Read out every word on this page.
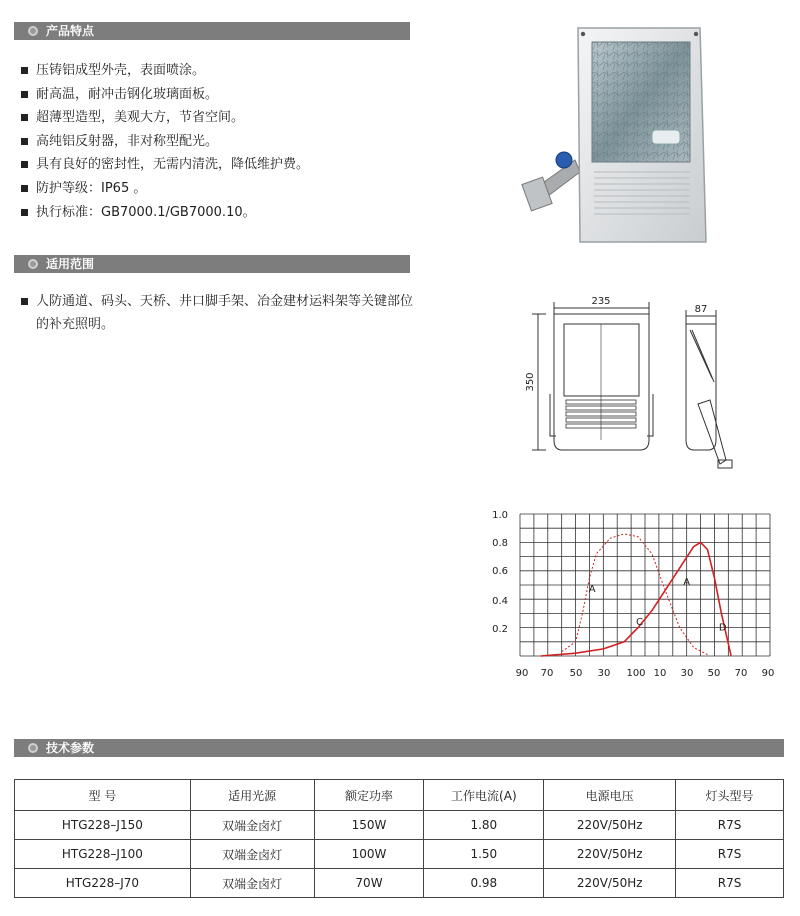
产品特点
压铸铝成型外壳，表面喷涂。
耐高温，耐冲击钢化玻璃面板。
超薄型造型，美观大方，节省空间。
高纯铝反射器，非对称型配光。
具有良好的密封性，无需内清洗，降低维护费。
防护等级：IP65 。
执行标准：GB7000.1/GB7000.10。
适用范围
人防通道、码头、天桥、井口脚手架、冶金建材运料架等关键部位的补充照明。
235
350
87
1.0
0.8
0.6
0.4
0.2
90 70 50 30 100 10 30 50 70 90
A
C
A
D
技术参数
型 号	适用光源	额定功率	工作电流(A)	电源电压	灯头型号
HTG228–J150	双端金卤灯	150W	1.80	220V/50Hz	R7S
HTG228–J100	双端金卤灯	100W	1.50	220V/50Hz	R7S
HTG228–J70	双端金卤灯	70W	0.98	220V/50Hz	R7S
